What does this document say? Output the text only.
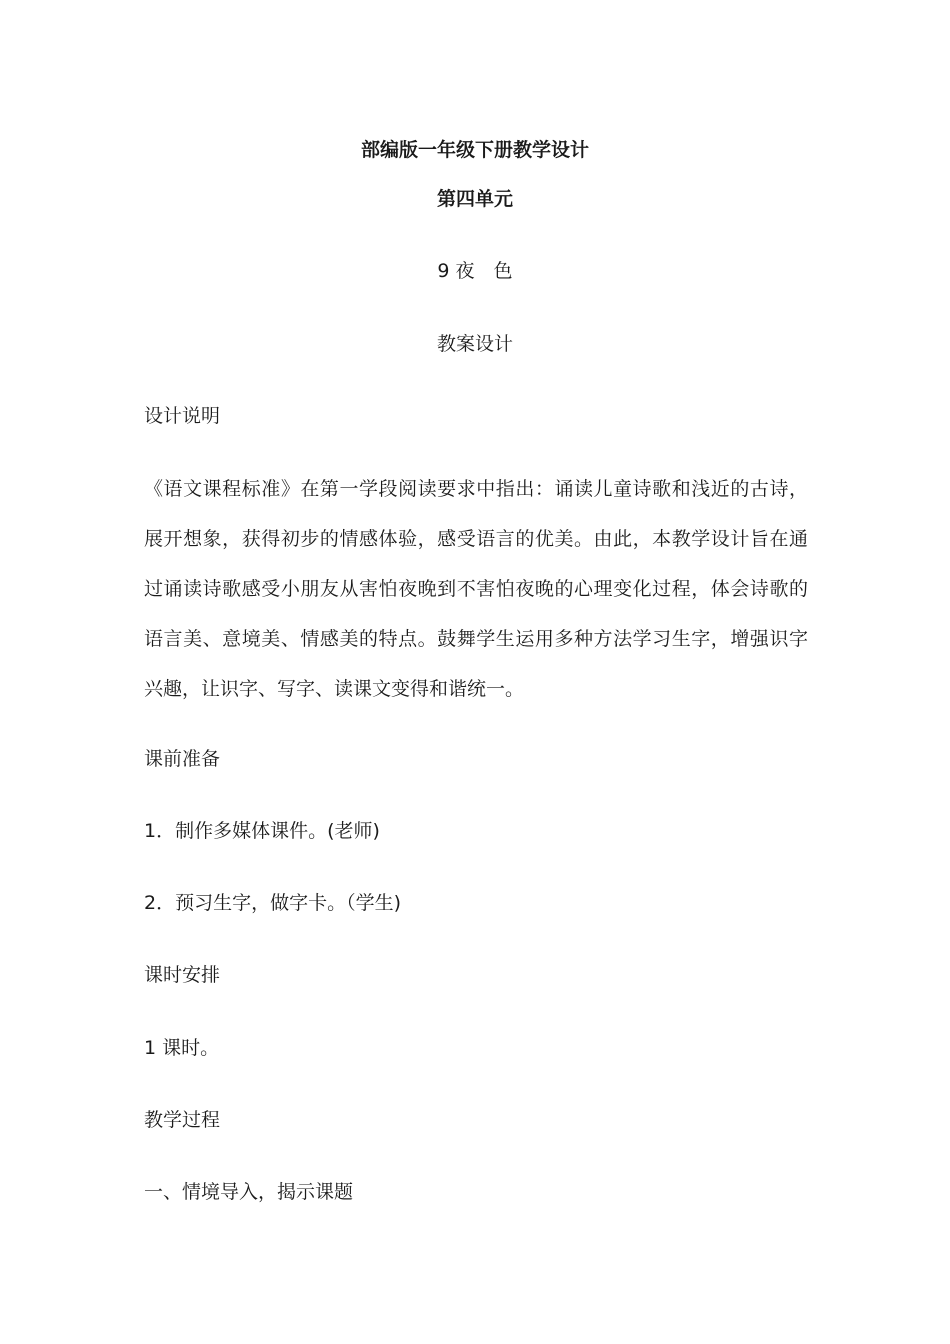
部编版一年级下册教学设计

第四单元

9 夜　色

教案设计

设计说明

《语文课程标准》在第一学段阅读要求中指出：诵读儿童诗歌和浅近的古诗，展开想象，获得初步的情感体验，感受语言的优美。由此，本教学设计旨在通过诵读诗歌感受小朋友从害怕夜晚到不害怕夜晚的心理变化过程，体会诗歌的语言美、意境美、情感美的特点。鼓舞学生运用多种方法学习生字，增强识字兴趣，让识字、写字、读课文变得和谐统一。

课前准备

1．制作多媒体课件。(老师)

2．预习生字，做字卡。（学生)

课时安排

1 课时。

教学过程

一、情境导入，揭示课题
